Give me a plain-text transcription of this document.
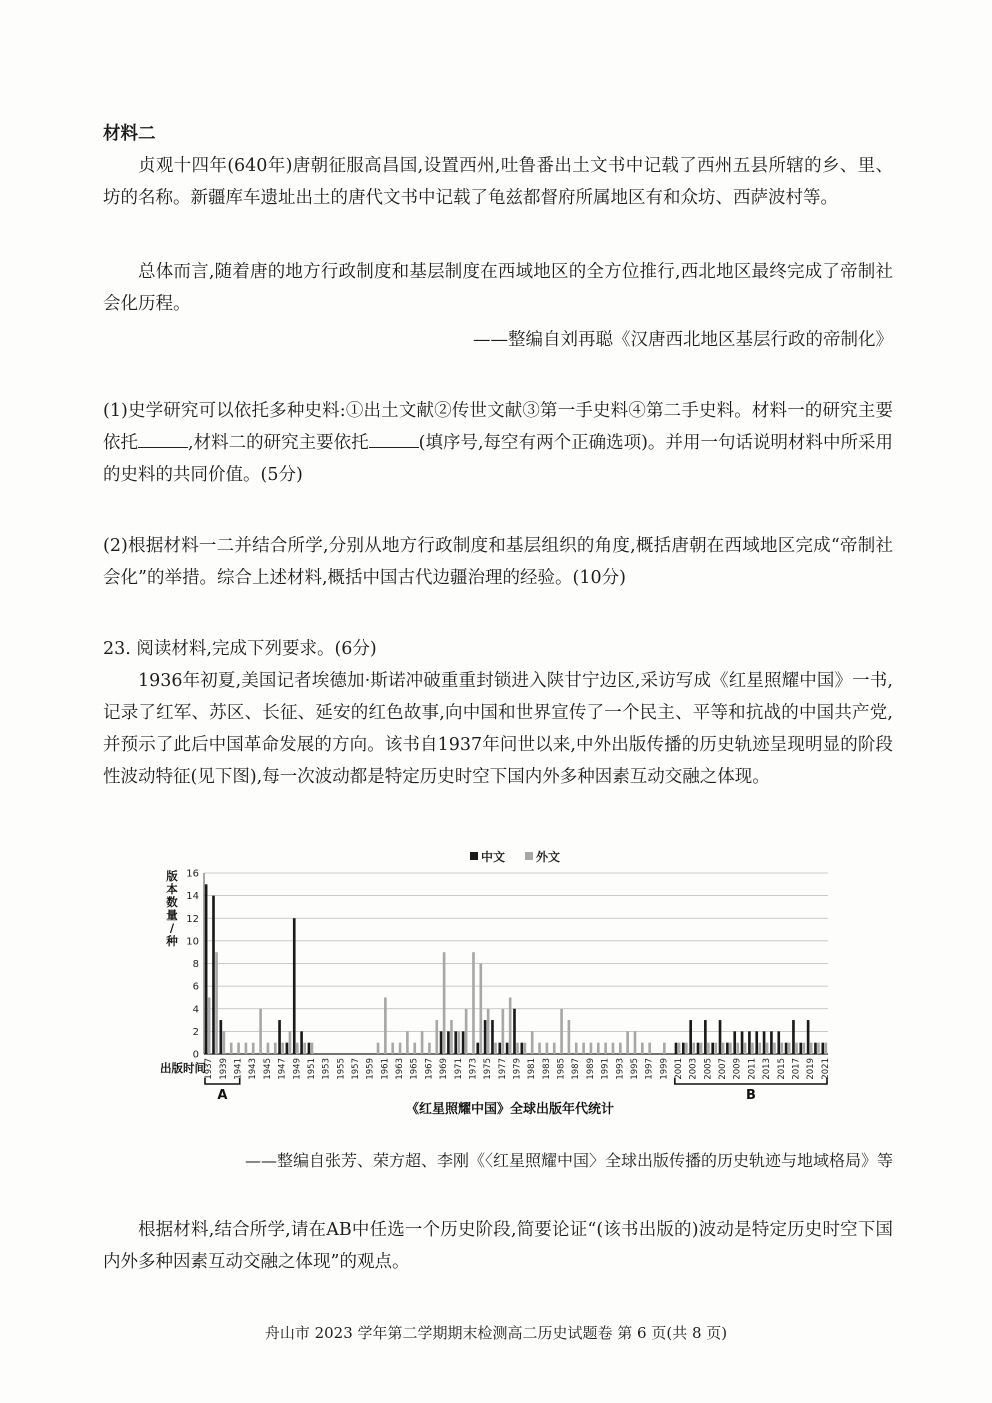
材料二
贞观十四年(640年)唐朝征服高昌国,设置西州,吐鲁番出土文书中记载了西州五县所辖的乡、里、坊的名称。新疆库车遗址出土的唐代文书中记载了龟兹都督府所属地区有和众坊、西萨波村等。
总体而言,随着唐的地方行政制度和基层制度在西域地区的全方位推行,西北地区最终完成了帝制社会化历程。
——整编自刘再聪《汉唐西北地区基层行政的帝制化》
(1)史学研究可以依托多种史料:①出土文献②传世文献③第一手史料④第二手史料。材料一的研究主要依托	,材料二的研究主要依托	(填序号,每空有两个正确选项)。并用一句话说明材料中所采用的史料的共同价值。(5分)
(2)根据材料一二并结合所学,分别从地方行政制度和基层组织的角度,概括唐朝在西域地区完成“帝制社会化”的举措。综合上述材料,概括中国古代边疆治理的经验。(10分)
23. 阅读材料,完成下列要求。(6分)
1936年初夏,美国记者埃德加·斯诺冲破重重封锁进入陕甘宁边区,采访写成《红星照耀中国》一书,记录了红军、苏区、长征、延安的红色故事,向中国和世界宣传了一个民主、平等和抗战的中国共产党,并预示了此后中国革命发展的方向。该书自1937年问世以来,中外出版传播的历史轨迹呈现明显的阶段性波动特征(见下图),每一次波动都是特定历史时空下国内外多种因素互动交融之体现。
中文	外文
0
2
4
6
8
10
12
14
16
版
本
数
量
/
种
出版时间
1937 1939 1941 1943 1945 1947 1949 1951 1953 1955 1957 1959 1961 1963 1965 1967 1969 1971 1973 1975 1977 1979 1981 1983 1985 1987 1989 1991 1993 1995 1997 1999 2001 2003 2005 2007 2009 2011 2013 2015 2017 2019 2021
A	B
《红星照耀中国》全球出版年代统计
——整编自张芳、荣方超、李刚《〈红星照耀中国〉全球出版传播的历史轨迹与地域格局》等
根据材料,结合所学,请在AB中任选一个历史阶段,简要论证“(该书出版的)波动是特定历史时空下国内外多种因素互动交融之体现”的观点。
舟山市 2023 学年第二学期期末检测高二历史试题卷 第 6 页(共 8 页)
